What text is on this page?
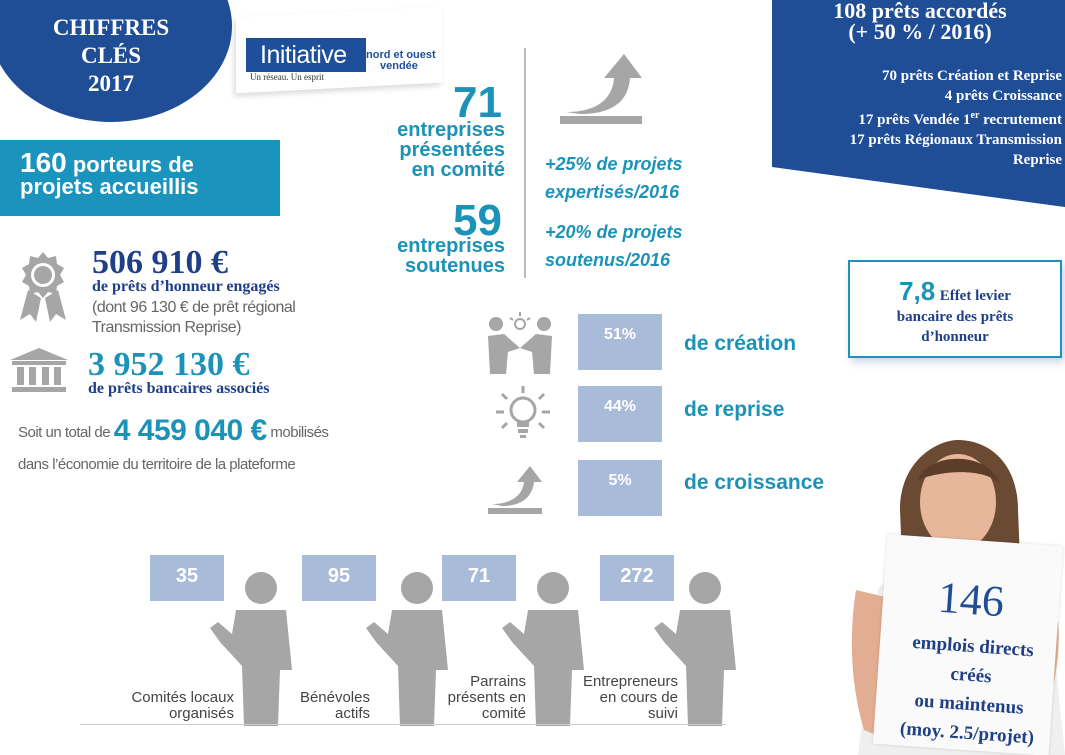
CHIFFRES
CLÉS
2017
Initiative	nord et ouest
vendée
Un réseau. Un esprit
160 porteurs de
projets accueillis
506 910 €
de prêts d’honneur engagés
(dont 96 130 € de prêt régional Transmission Reprise)
3 952 130 €
de prêts bancaires associés
Soit un total de 4 459 040 € mobilisés
dans l’économie du territoire de la plateforme
71
entreprises
présentées
en comité
59
entreprises
soutenues
+25% de projets
expertisés/2016
+20% de projets
soutenus/2016
108 prêts accordés
(+ 50 % / 2016)
70 prêts Création et Reprise
4 prêts Croissance
17 prêts Vendée 1er recrutement
17 prêts Régionaux Transmission
Reprise
7,8 Effet levier
bancaire des prêts
d’honneur
51%
44%
5%
de création
de reprise
de croissance
35	95	71	272
Comités locaux
organisés
Bénévoles
actifs
Parrains
présents en
comité
Entrepreneurs
en cours de
suivi
146
emplois directs
créés
ou maintenus
(moy. 2.5/projet)
